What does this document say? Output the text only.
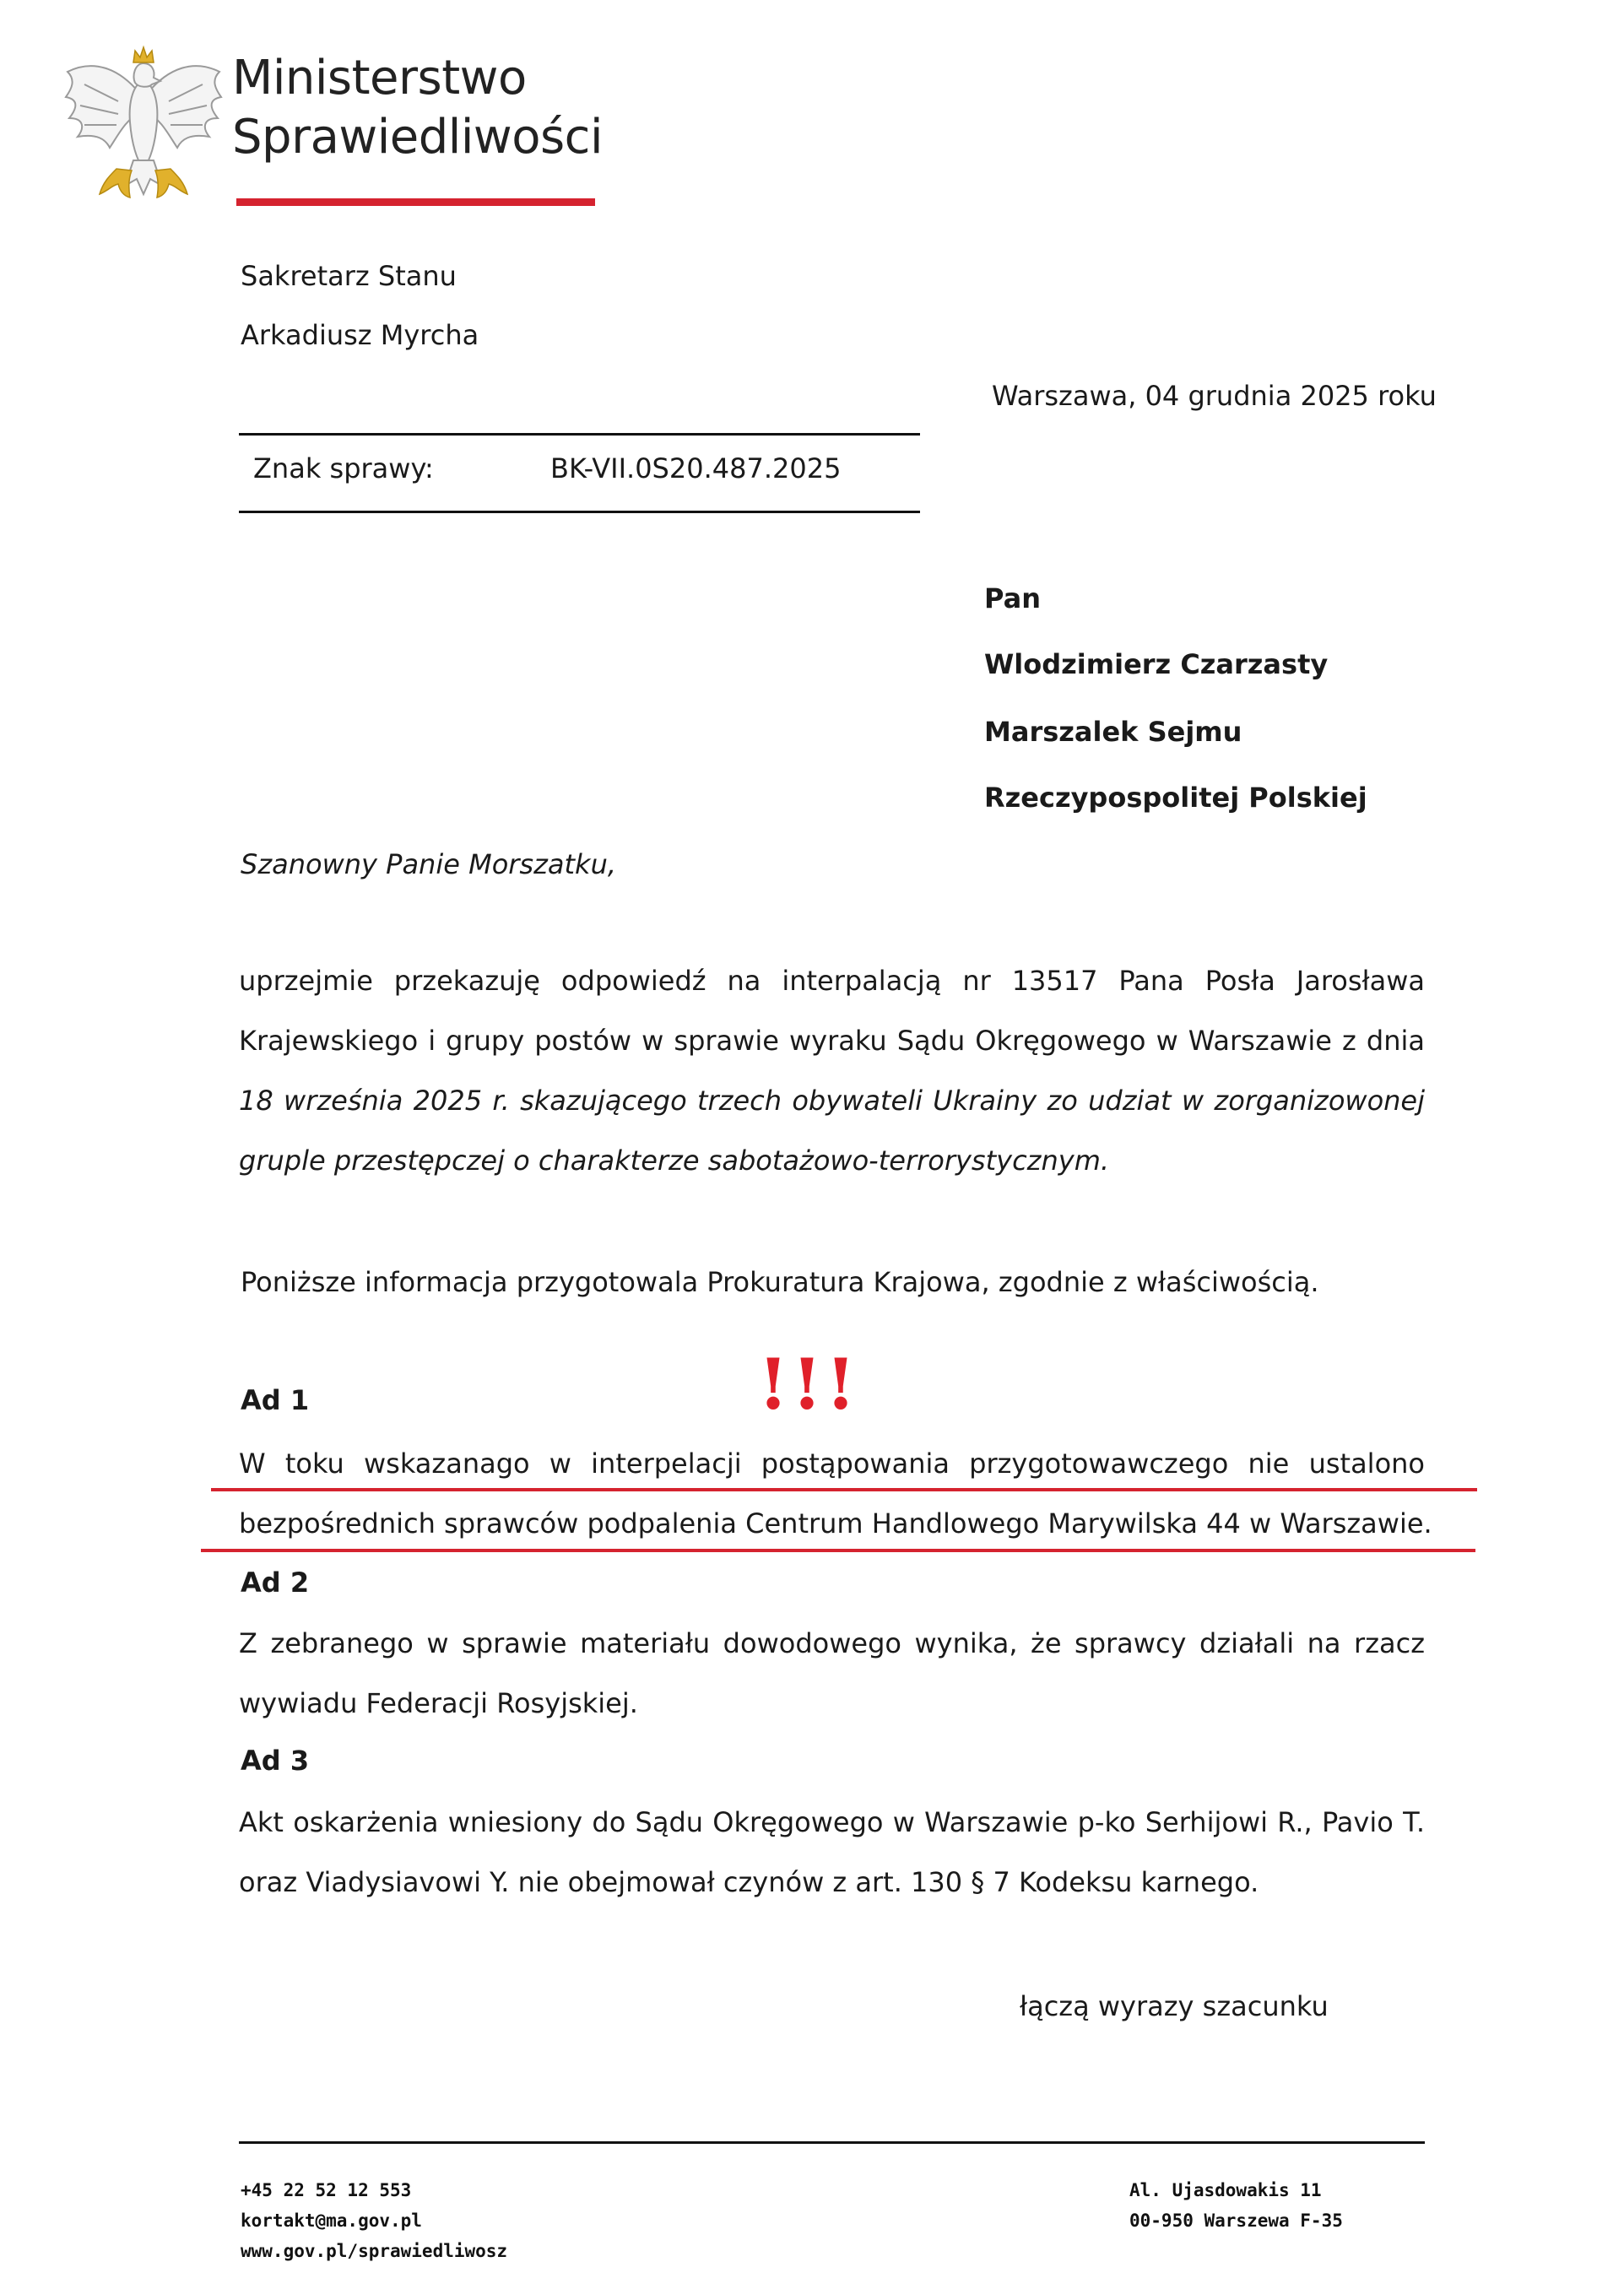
Ministerstwo
Sprawiedliwości
Sakretarz Stanu
Arkadiusz Myrcha
Warszawa, 04 grudnia 2025 roku
Znak sprawy:	BK-VII.0S20.487.2025
Pan
Wlodzimierz Czarzasty
Marszalek Sejmu
Rzeczypospolitej Polskiej
Szanowny Panie Morszatku,
uprzejmie przekazuję odpowiedź na interpalacją nr 13517 Pana Posła Jarosława
Krajewskiego i grupy postów w sprawie wyraku Sądu Okręgowego w Warszawie z dnia
18 września 2025 r. skazującego trzech obywateli Ukrainy zo udziat w zorganizowonej
gruple przestępczej o charakterze sabotażowo-terrorystycznym.
Poniższe informacja przygotowala Prokuratura Krajowa, zgodnie z właściwością.
!!!
Ad 1
W toku wskazanago w interpelacji postąpowania przygotowawczego nie ustalono
bezpośrednich sprawców podpalenia Centrum Handlowego Marywilska 44 w Warszawie.
Ad 2
Z zebranego w sprawie materiału dowodowego wynika, że sprawcy działali na rzacz
wywiadu Federacji Rosyjskiej.
Ad 3
Akt oskarżenia wniesiony do Sądu Okręgowego w Warszawie p-ko Serhijowi R., Pavio T.
oraz Viadysiavowi Y. nie obejmował czynów z art. 130 § 7 Kodeksu karnego.
łączą wyrazy szacunku
+45 22 52 12 553
kortakt@ma.gov.pl
www.gov.pl/sprawiedliwosz
Al. Ujasdowakis 11
00-950 Warszewa F-35
